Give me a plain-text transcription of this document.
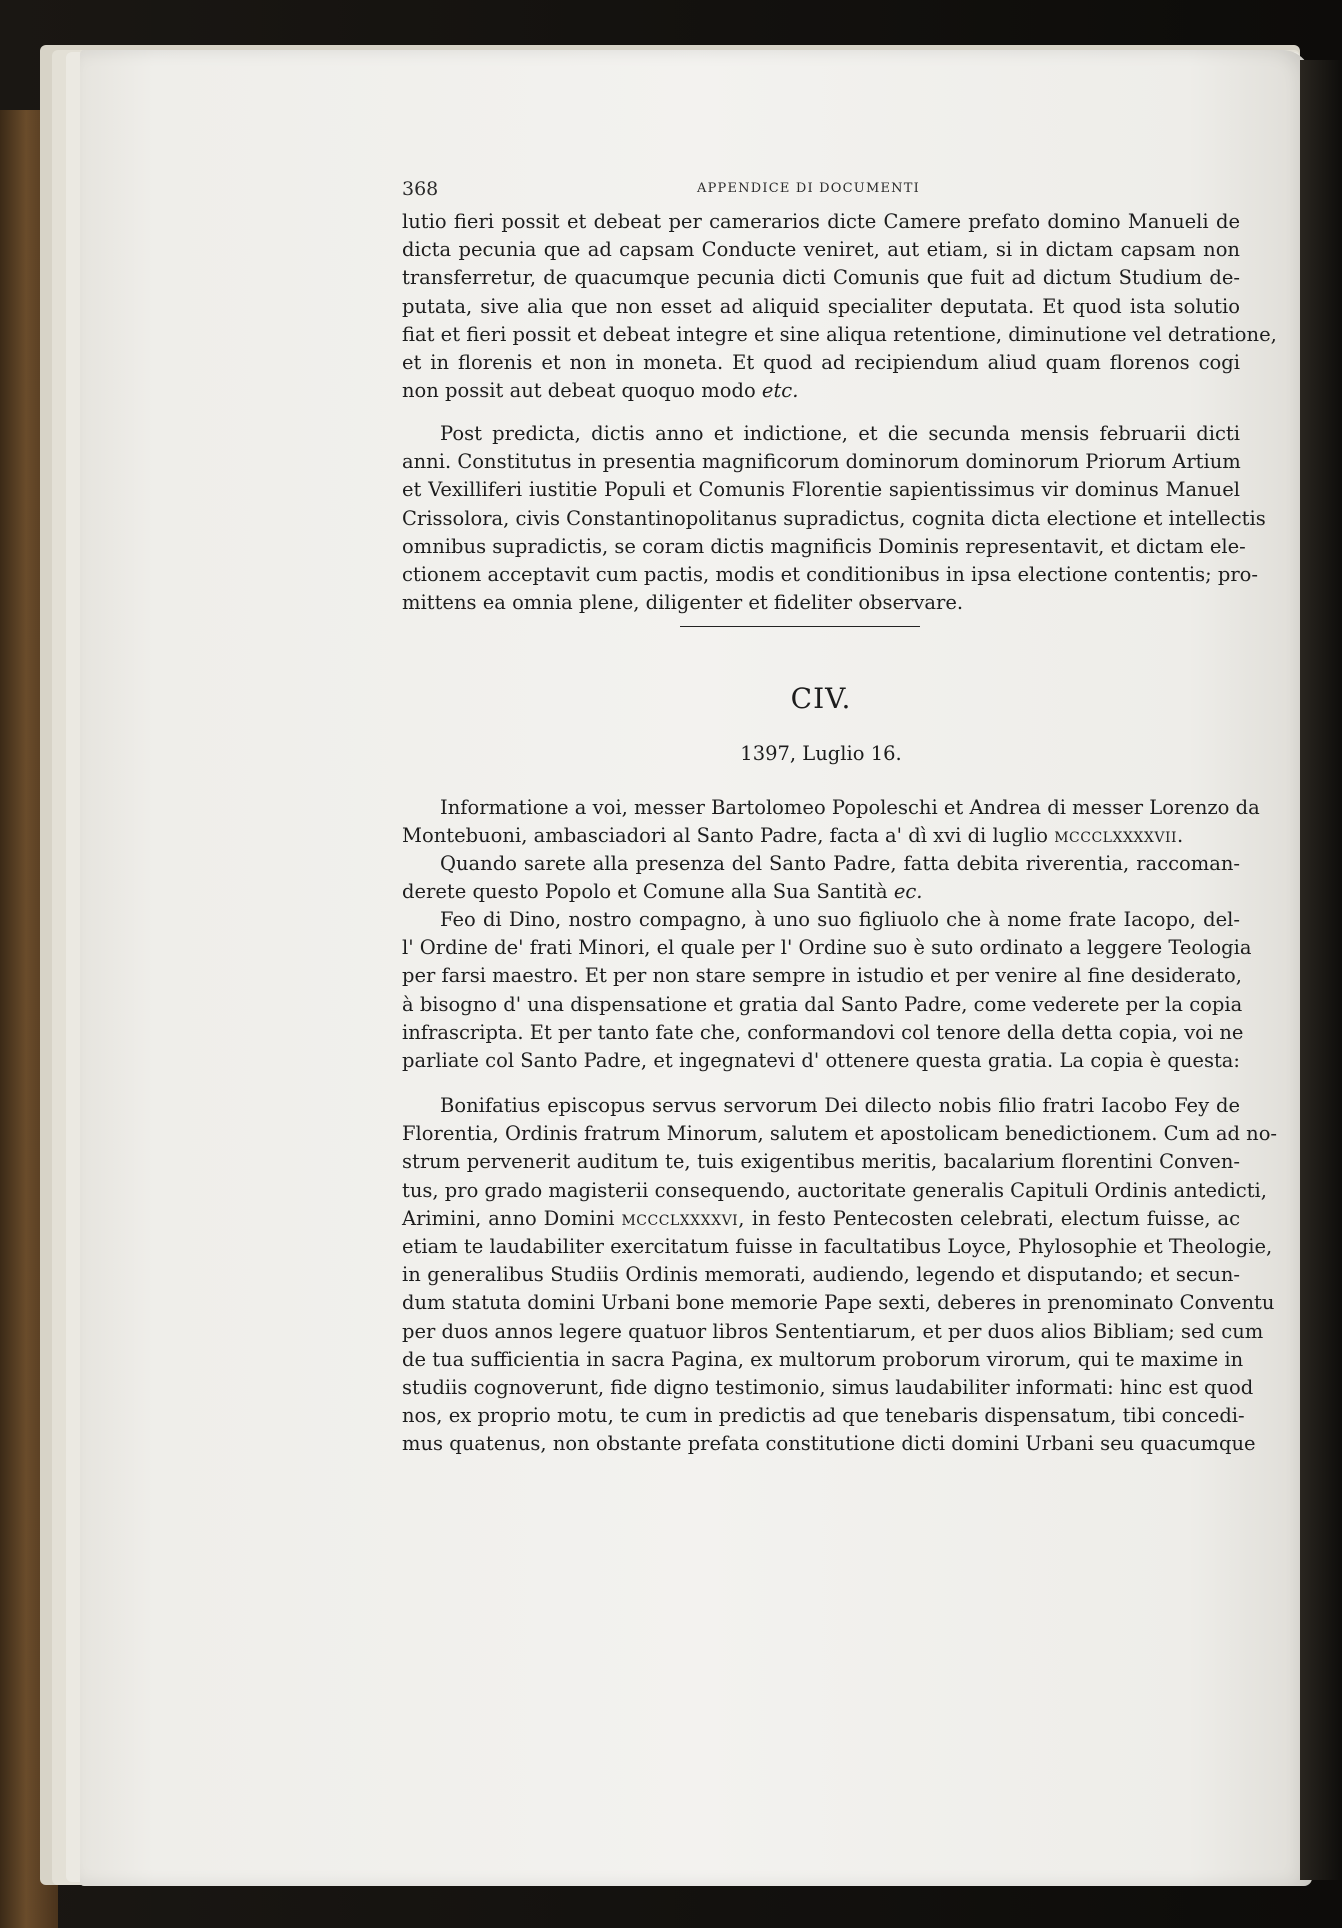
368	APPENDICE DI DOCUMENTI
lutio fieri possit et debeat per camerarios dicte Camere prefato domino Manueli de
dicta pecunia que ad capsam Conducte veniret, aut etiam, si in dictam capsam non
transferretur, de quacumque pecunia dicti Comunis que fuit ad dictum Studium de-
putata, sive alia que non esset ad aliquid specialiter deputata. Et quod ista solutio
fiat et fieri possit et debeat integre et sine aliqua retentione, diminutione vel detratione,
et in florenis et non in moneta. Et quod ad recipiendum aliud quam florenos cogi
non possit aut debeat quoquo modo etc.
Post predicta, dictis anno et indictione, et die secunda mensis februarii dicti
anni. Constitutus in presentia magnificorum dominorum dominorum Priorum Artium
et Vexilliferi iustitie Populi et Comunis Florentie sapientissimus vir dominus Manuel
Crissolora, civis Constantinopolitanus supradictus, cognita dicta electione et intellectis
omnibus supradictis, se coram dictis magnificis Dominis representavit, et dictam ele-
ctionem acceptavit cum pactis, modis et conditionibus in ipsa electione contentis; pro-
mittens ea omnia plene, diligenter et fideliter observare.
CIV.
1397, Luglio 16.
Informatione a voi, messer Bartolomeo Popoleschi et Andrea di messer Lorenzo da
Montebuoni, ambasciadori al Santo Padre, facta a' dì xvi di luglio mccclxxxxvii.
Quando sarete alla presenza del Santo Padre, fatta debita riverentia, raccoman-
derete questo Popolo et Comune alla Sua Santità ec.
Feo di Dino, nostro compagno, à uno suo figliuolo che à nome frate Iacopo, del-
l' Ordine de' frati Minori, el quale per l' Ordine suo è suto ordinato a leggere Teologia
per farsi maestro. Et per non stare sempre in istudio et per venire al fine desiderato,
à bisogno d' una dispensatione et gratia dal Santo Padre, come vederete per la copia
infrascripta. Et per tanto fate che, conformandovi col tenore della detta copia, voi ne
parliate col Santo Padre, et ingegnatevi d' ottenere questa gratia. La copia è questa:
Bonifatius episcopus servus servorum Dei dilecto nobis filio fratri Iacobo Fey de
Florentia, Ordinis fratrum Minorum, salutem et apostolicam benedictionem. Cum ad no-
strum pervenerit auditum te, tuis exigentibus meritis, bacalarium florentini Conven-
tus, pro grado magisterii consequendo, auctoritate generalis Capituli Ordinis antedicti,
Arimini, anno Domini mccclxxxxvi, in festo Pentecosten celebrati, electum fuisse, ac
etiam te laudabiliter exercitatum fuisse in facultatibus Loyce, Phylosophie et Theologie,
in generalibus Studiis Ordinis memorati, audiendo, legendo et disputando; et secun-
dum statuta domini Urbani bone memorie Pape sexti, deberes in prenominato Conventu
per duos annos legere quatuor libros Sententiarum, et per duos alios Bibliam; sed cum
de tua sufficientia in sacra Pagina, ex multorum proborum virorum, qui te maxime in
studiis cognoverunt, fide digno testimonio, simus laudabiliter informati: hinc est quod
nos, ex proprio motu, te cum in predictis ad que tenebaris dispensatum, tibi concedi-
mus quatenus, non obstante prefata constitutione dicti domini Urbani seu quacumque
